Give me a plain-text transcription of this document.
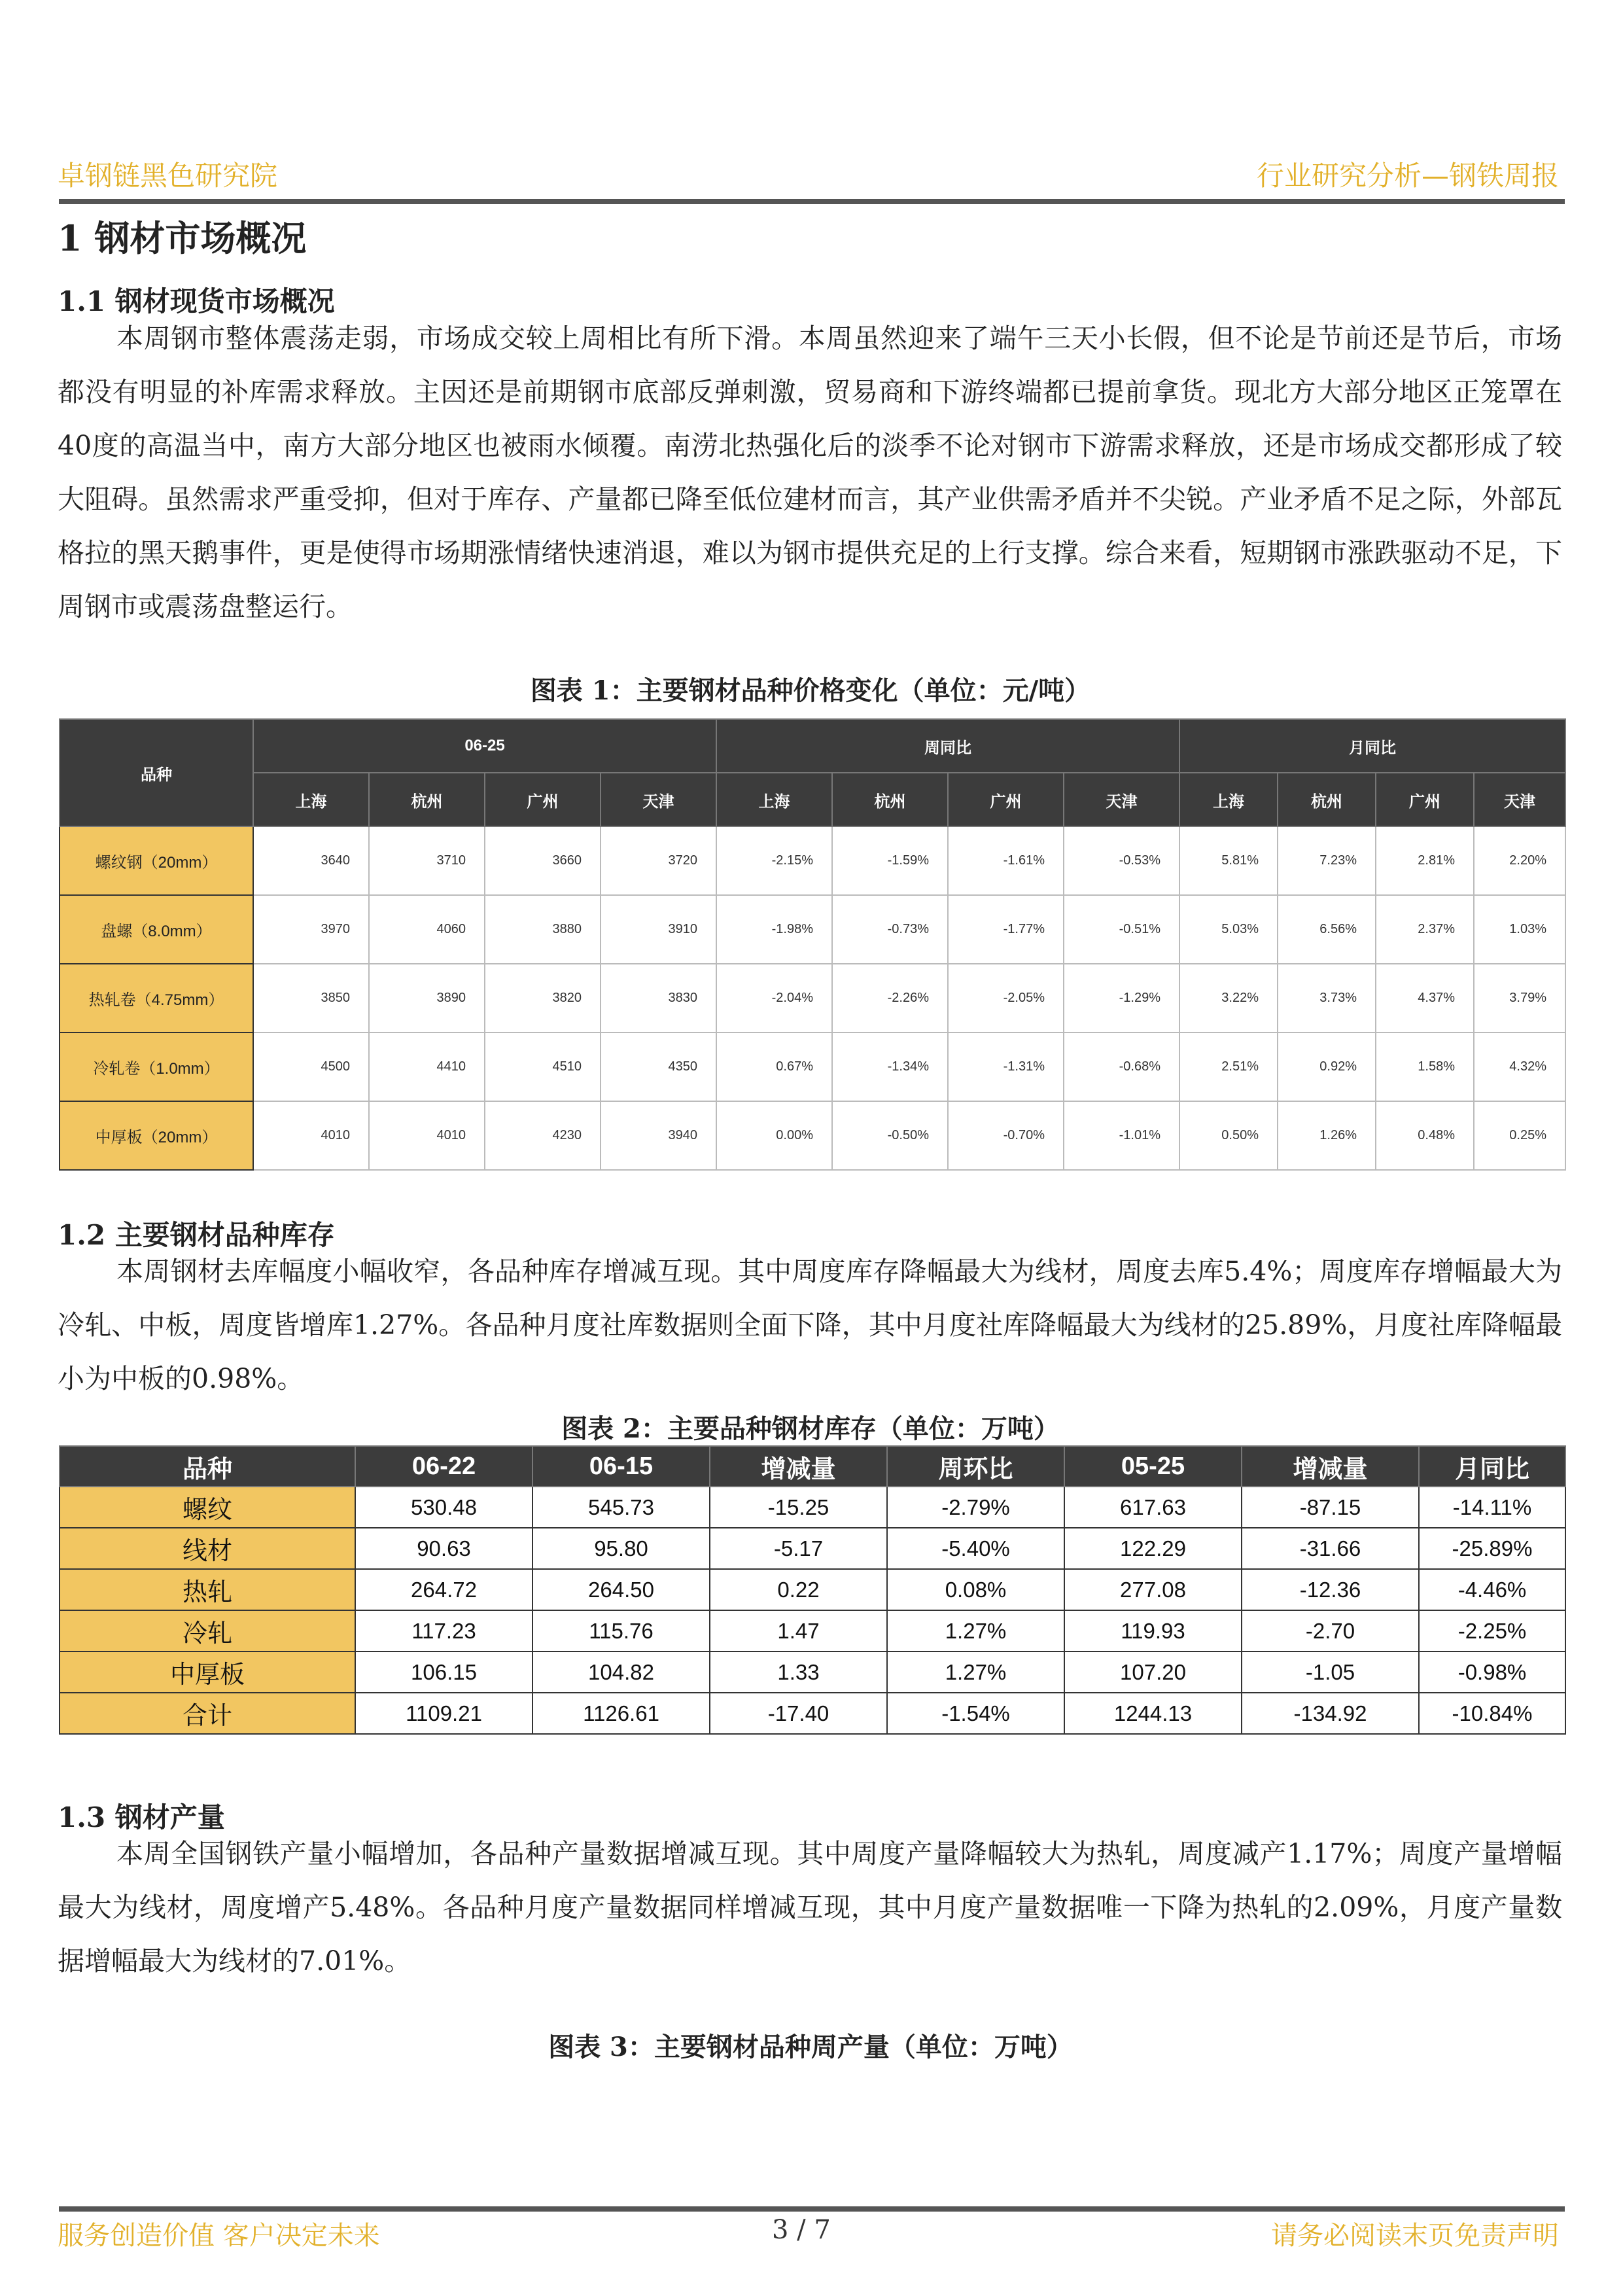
卓钢链黑色研究院	行业研究分析—钢铁周报
1 钢材市场概况
1.1 钢材现货市场概况

本周钢市整体震荡走弱，市场成交较上周相比有所下滑。本周虽然迎来了端午三天小长假，但不论是节前还是节后，市场都没有明显的补库需求释放。主因还是前期钢市底部反弹刺激，贸易商和下游终端都已提前拿货。现北方大部分地区正笼罩在40度的高温当中，南方大部分地区也被雨水倾覆。南涝北热强化后的淡季不论对钢市下游需求释放，还是市场成交都形成了较大阻碍。虽然需求严重受抑，但对于库存、产量都已降至低位建材而言，其产业供需矛盾并不尖锐。产业矛盾不足之际，外部瓦格拉的黑天鹅事件，更是使得市场期涨情绪快速消退，难以为钢市提供充足的上行支撑。综合来看，短期钢市涨跌驱动不足，下周钢市或震荡盘整运行。

图表 1：主要钢材品种价格变化（单位：元/吨）
品种	06-25				周同比				月同比			
	上海	杭州	广州	天津	上海	杭州	广州	天津	上海	杭州	广州	天津
螺纹钢（20mm）	3640	3710	3660	3720	-2.15%	-1.59%	-1.61%	-0.53%	5.81%	7.23%	2.81%	2.20%
盘螺（8.0mm）	3970	4060	3880	3910	-1.98%	-0.73%	-1.77%	-0.51%	5.03%	6.56%	2.37%	1.03%
热轧卷（4.75mm）	3850	3890	3820	3830	-2.04%	-2.26%	-2.05%	-1.29%	3.22%	3.73%	4.37%	3.79%
冷轧卷（1.0mm）	4500	4410	4510	4350	0.67%	-1.34%	-1.31%	-0.68%	2.51%	0.92%	1.58%	4.32%
中厚板（20mm）	4010	4010	4230	3940	0.00%	-0.50%	-0.70%	-1.01%	0.50%	1.26%	0.48%	0.25%
1.2 主要钢材品种库存

本周钢材去库幅度小幅收窄，各品种库存增减互现。其中周度库存降幅最大为线材，周度去库5.4%；周度库存增幅最大为冷轧、中板，周度皆增库1.27%。各品种月度社库数据则全面下降，其中月度社库降幅最大为线材的25.89%，月度社库降幅最小为中板的0.98%。

图表 2：主要品种钢材库存（单位：万吨）
品种	06-22	06-15	增减量	周环比	05-25	增减量	月同比
螺纹	530.48	545.73	-15.25	-2.79%	617.63	-87.15	-14.11%
线材	90.63	95.80	-5.17	-5.40%	122.29	-31.66	-25.89%
热轧	264.72	264.50	0.22	0.08%	277.08	-12.36	-4.46%
冷轧	117.23	115.76	1.47	1.27%	119.93	-2.70	-2.25%
中厚板	106.15	104.82	1.33	1.27%	107.20	-1.05	-0.98%
合计	1109.21	1126.61	-17.40	-1.54%	1244.13	-134.92	-10.84%
1.3 钢材产量

本周全国钢铁产量小幅增加，各品种产量数据增减互现。其中周度产量降幅较大为热轧，周度减产1.17%；周度产量增幅最大为线材，周度增产5.48%。各品种月度产量数据同样增减互现，其中月度产量数据唯一下降为热轧的2.09%，月度产量数据增幅最大为线材的7.01%。

图表 3：主要钢材品种周产量（单位：万吨）
服务创造价值 客户决定未来	3 / 7	请务必阅读末页免责声明
